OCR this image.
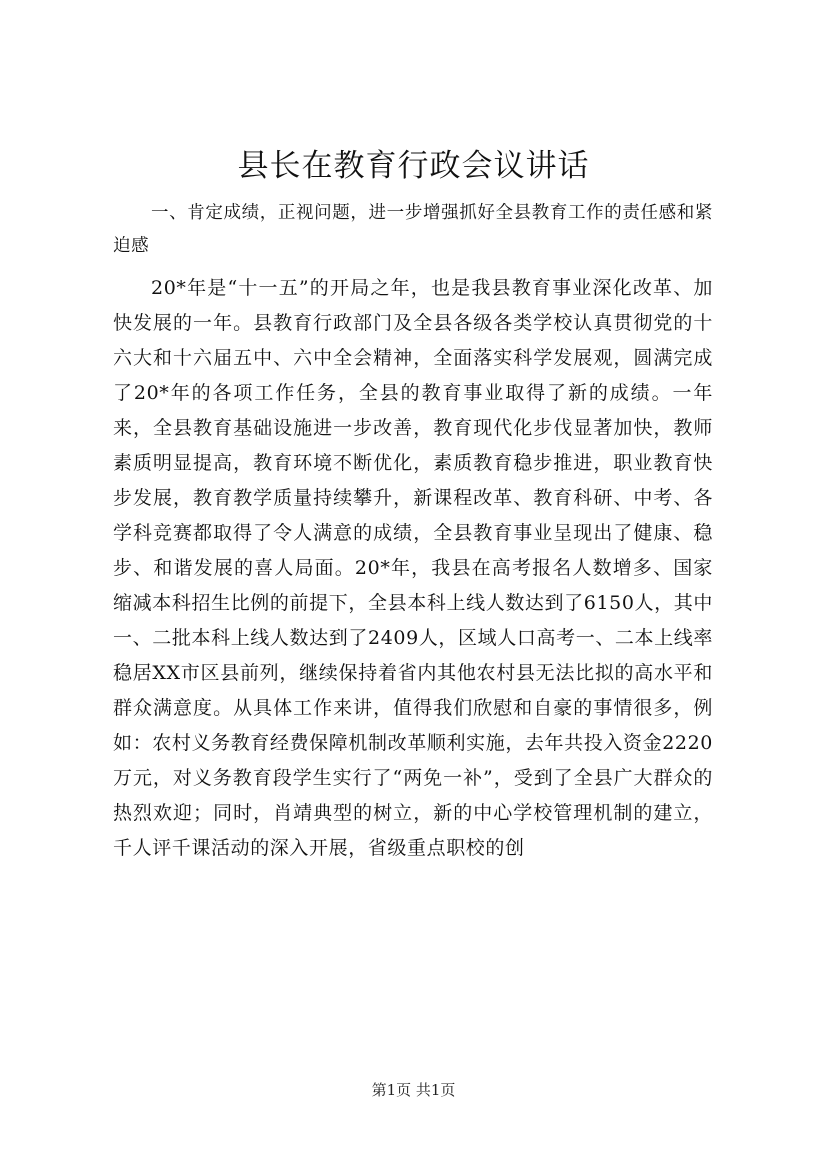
县长在教育行政会议讲话

一、肯定成绩，正视问题，进一步增强抓好全县教育工作的责任感和紧迫感

20*年是“十一五”的开局之年，也是我县教育事业深化改革、加快发展的一年。县教育行政部门及全县各级各类学校认真贯彻党的十六大和十六届五中、六中全会精神，全面落实科学发展观，圆满完成了20*年的各项工作任务，全县的教育事业取得了新的成绩。一年来，全县教育基础设施进一步改善，教育现代化步伐显著加快，教师素质明显提高，教育环境不断优化，素质教育稳步推进，职业教育快步发展，教育教学质量持续攀升，新课程改革、教育科研、中考、各学科竞赛都取得了令人满意的成绩，全县教育事业呈现出了健康、稳步、和谐发展的喜人局面。20*年，我县在高考报名人数增多、国家缩减本科招生比例的前提下，全县本科上线人数达到了6150人，其中一、二批本科上线人数达到了2409人，区域人口高考一、二本上线率稳居XX市区县前列，继续保持着省内其他农村县无法比拟的高水平和群众满意度。从具体工作来讲，值得我们欣慰和自豪的事情很多，例如：农村义务教育经费保障机制改革顺利实施，去年共投入资金2220万元，对义务教育段学生实行了“两免一补”，受到了全县广大群众的热烈欢迎；同时，肖靖典型的树立，新的中心学校管理机制的建立，千人评千课活动的深入开展，省级重点职校的创

第1页 共1页
